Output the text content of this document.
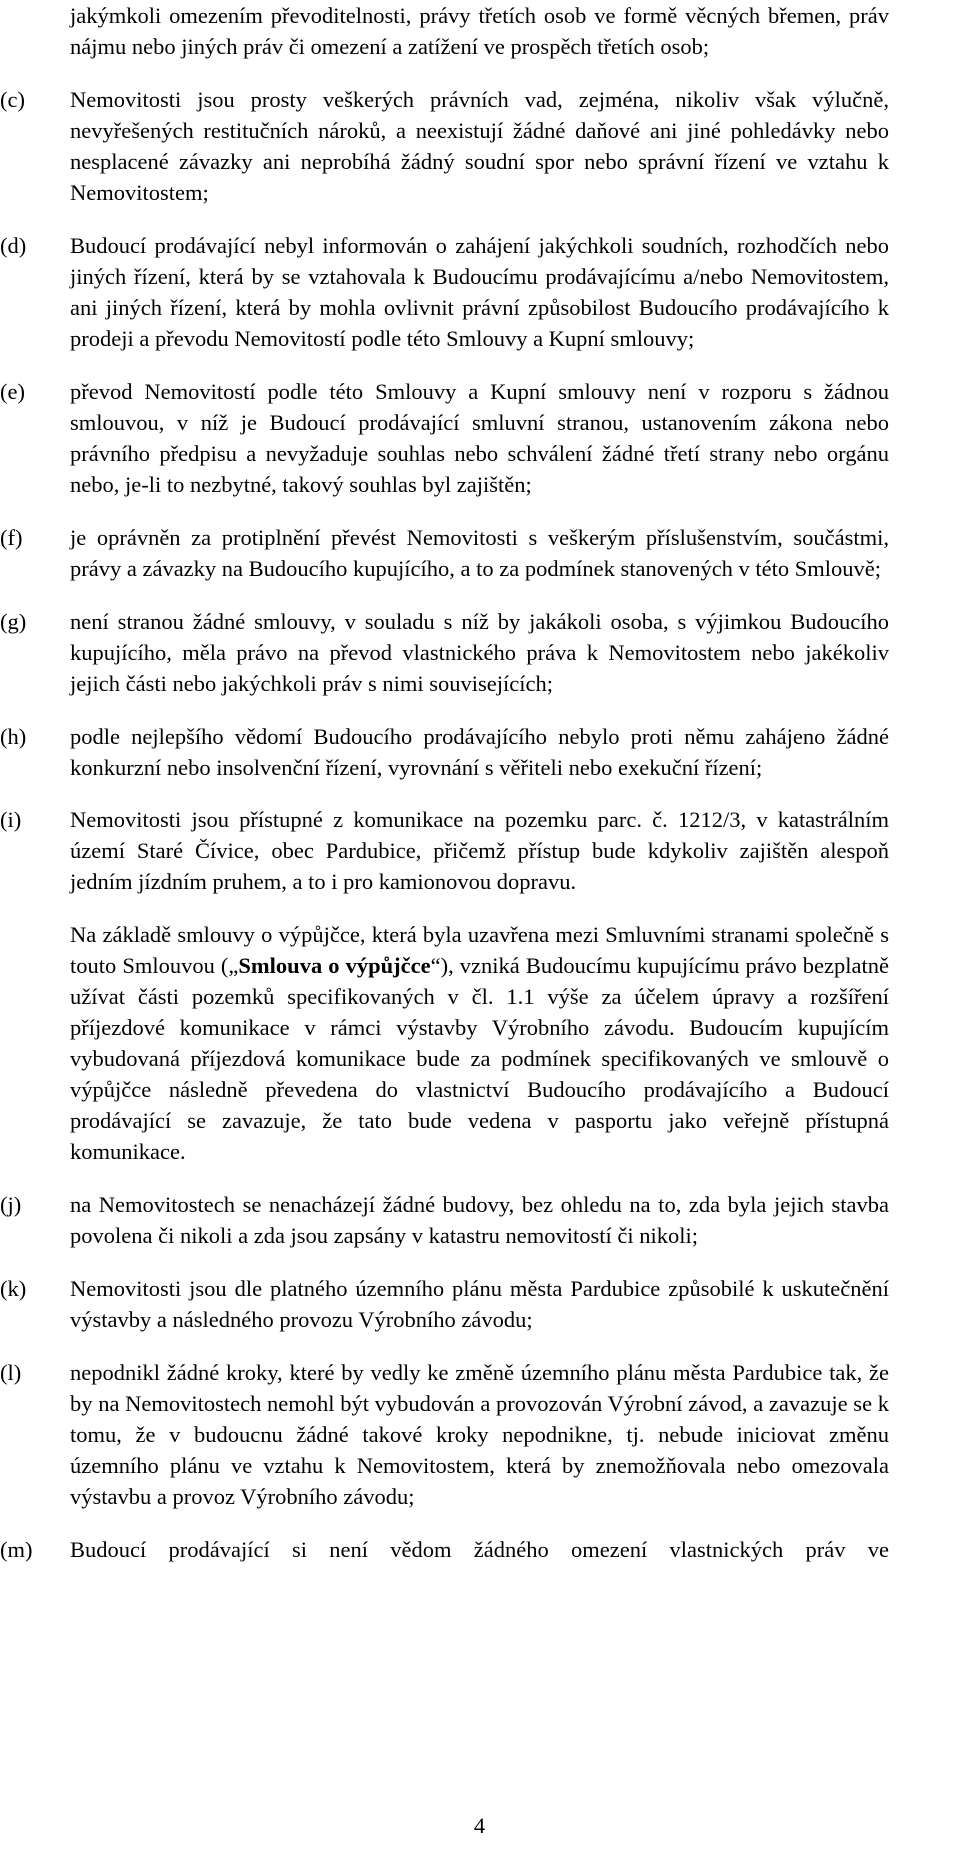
jakýmkoli omezením převoditelnosti, právy třetích osob ve formě věcných břemen, práv nájmu nebo jiných práv či omezení a zatížení ve prospěch třetích osob;

(c) Nemovitosti jsou prosty veškerých právních vad, zejména, nikoliv však výlučně, nevyřešených restitučních nároků, a neexistují žádné daňové ani jiné pohledávky nebo nesplacené závazky ani neprobíhá žádný soudní spor nebo správní řízení ve vztahu k Nemovitostem;

(d) Budoucí prodávající nebyl informován o zahájení jakýchkoli soudních, rozhodčích nebo jiných řízení, která by se vztahovala k Budoucímu prodávajícímu a/nebo Nemovitostem, ani jiných řízení, která by mohla ovlivnit právní způsobilost Budoucího prodávajícího k prodeji a převodu Nemovitostí podle této Smlouvy a Kupní smlouvy;

(e) převod Nemovitostí podle této Smlouvy a Kupní smlouvy není v rozporu s žádnou smlouvou, v níž je Budoucí prodávající smluvní stranou, ustanovením zákona nebo právního předpisu a nevyžaduje souhlas nebo schválení žádné třetí strany nebo orgánu nebo, je-li to nezbytné, takový souhlas byl zajištěn;

(f) je oprávněn za protiplnění převést Nemovitosti s veškerým příslušenstvím, součástmi, právy a závazky na Budoucího kupujícího, a to za podmínek stanovených v této Smlouvě;

(g) není stranou žádné smlouvy, v souladu s níž by jakákoli osoba, s výjimkou Budoucího kupujícího, měla právo na převod vlastnického práva k Nemovitostem nebo jakékoliv jejich části nebo jakýchkoli práv s nimi souvisejících;

(h) podle nejlepšího vědomí Budoucího prodávajícího nebylo proti němu zahájeno žádné konkurzní nebo insolvenční řízení, vyrovnání s věřiteli nebo exekuční řízení;

(i) Nemovitosti jsou přístupné z komunikace na pozemku parc. č. 1212/3, v katastrálním území Staré Čívice, obec Pardubice, přičemž přístup bude kdykoliv zajištěn alespoň jedním jízdním pruhem, a to i pro kamionovou dopravu.

Na základě smlouvy o výpůjčce, která byla uzavřena mezi Smluvními stranami společně s touto Smlouvou („Smlouva o výpůjčce“), vzniká Budoucímu kupujícímu právo bezplatně užívat části pozemků specifikovaných v čl. 1.1 výše za účelem úpravy a rozšíření příjezdové komunikace v rámci výstavby Výrobního závodu. Budoucím kupujícím vybudovaná příjezdová komunikace bude za podmínek specifikovaných ve smlouvě o výpůjčce následně převedena do vlastnictví Budoucího prodávajícího a Budoucí prodávající se zavazuje, že tato bude vedena v pasportu jako veřejně přístupná komunikace.

(j) na Nemovitostech se nenacházejí žádné budovy, bez ohledu na to, zda byla jejich stavba povolena či nikoli a zda jsou zapsány v katastru nemovitostí či nikoli;

(k) Nemovitosti jsou dle platného územního plánu města Pardubice způsobilé k uskutečnění výstavby a následného provozu Výrobního závodu;

(l) nepodnikl žádné kroky, které by vedly ke změně územního plánu města Pardubice tak, že by na Nemovitostech nemohl být vybudován a provozován Výrobní závod, a zavazuje se k tomu, že v budoucnu žádné takové kroky nepodnikne, tj. nebude iniciovat změnu územního plánu ve vztahu k Nemovitostem, která by znemožňovala nebo omezovala výstavbu a provoz Výrobního závodu;

(m) Budoucí prodávající si není vědom žádného omezení vlastnických práv ve

4
